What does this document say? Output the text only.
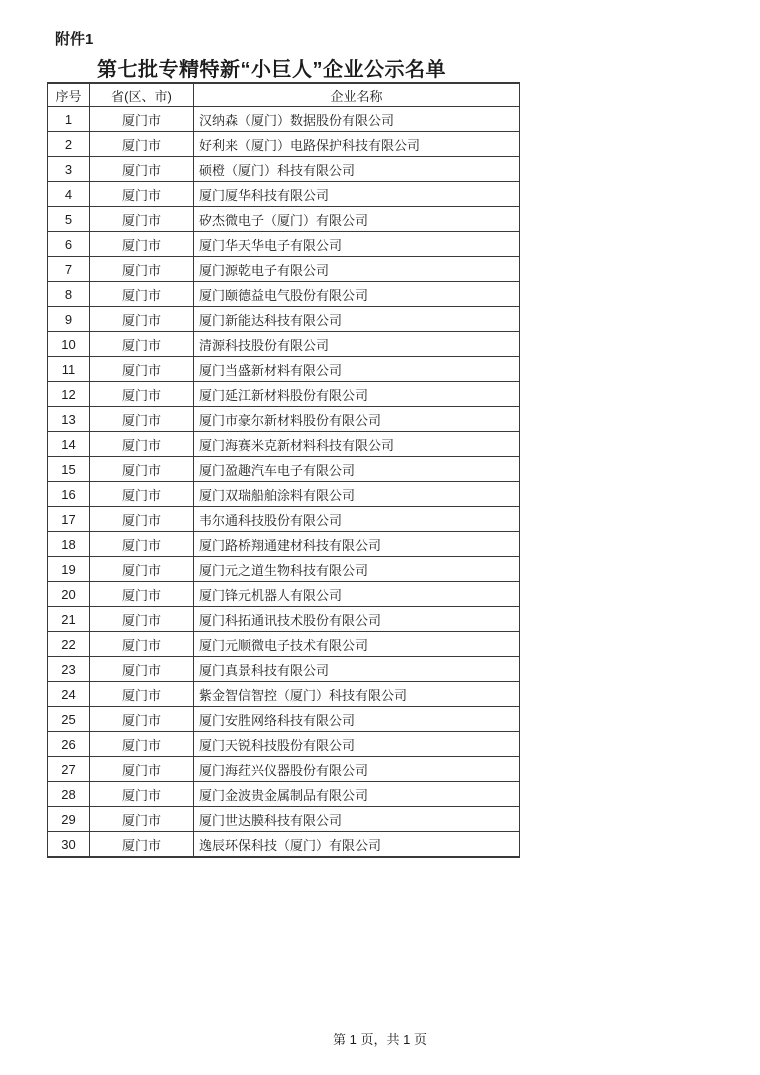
附件1
第七批专精特新“小巨人”企业公示名单
序号	省(区、市)	企业名称
1	厦门市	汉纳森（厦门）数据股份有限公司
2	厦门市	好利来（厦门）电路保护科技有限公司
3	厦门市	硕橙（厦门）科技有限公司
4	厦门市	厦门厦华科技有限公司
5	厦门市	矽杰微电子（厦门）有限公司
6	厦门市	厦门华天华电子有限公司
7	厦门市	厦门源乾电子有限公司
8	厦门市	厦门颐德益电气股份有限公司
9	厦门市	厦门新能达科技有限公司
10	厦门市	清源科技股份有限公司
11	厦门市	厦门当盛新材料有限公司
12	厦门市	厦门延江新材料股份有限公司
13	厦门市	厦门市豪尔新材料股份有限公司
14	厦门市	厦门海赛米克新材料科技有限公司
15	厦门市	厦门盈趣汽车电子有限公司
16	厦门市	厦门双瑞船舶涂料有限公司
17	厦门市	韦尔通科技股份有限公司
18	厦门市	厦门路桥翔通建材科技有限公司
19	厦门市	厦门元之道生物科技有限公司
20	厦门市	厦门锋元机器人有限公司
21	厦门市	厦门科拓通讯技术股份有限公司
22	厦门市	厦门元顺微电子技术有限公司
23	厦门市	厦门真景科技有限公司
24	厦门市	紫金智信智控（厦门）科技有限公司
25	厦门市	厦门安胜网络科技有限公司
26	厦门市	厦门天锐科技股份有限公司
27	厦门市	厦门海荭兴仪器股份有限公司
28	厦门市	厦门金波贵金属制品有限公司
29	厦门市	厦门世达膜科技有限公司
30	厦门市	逸辰环保科技（厦门）有限公司
第 1 页，共 1 页
